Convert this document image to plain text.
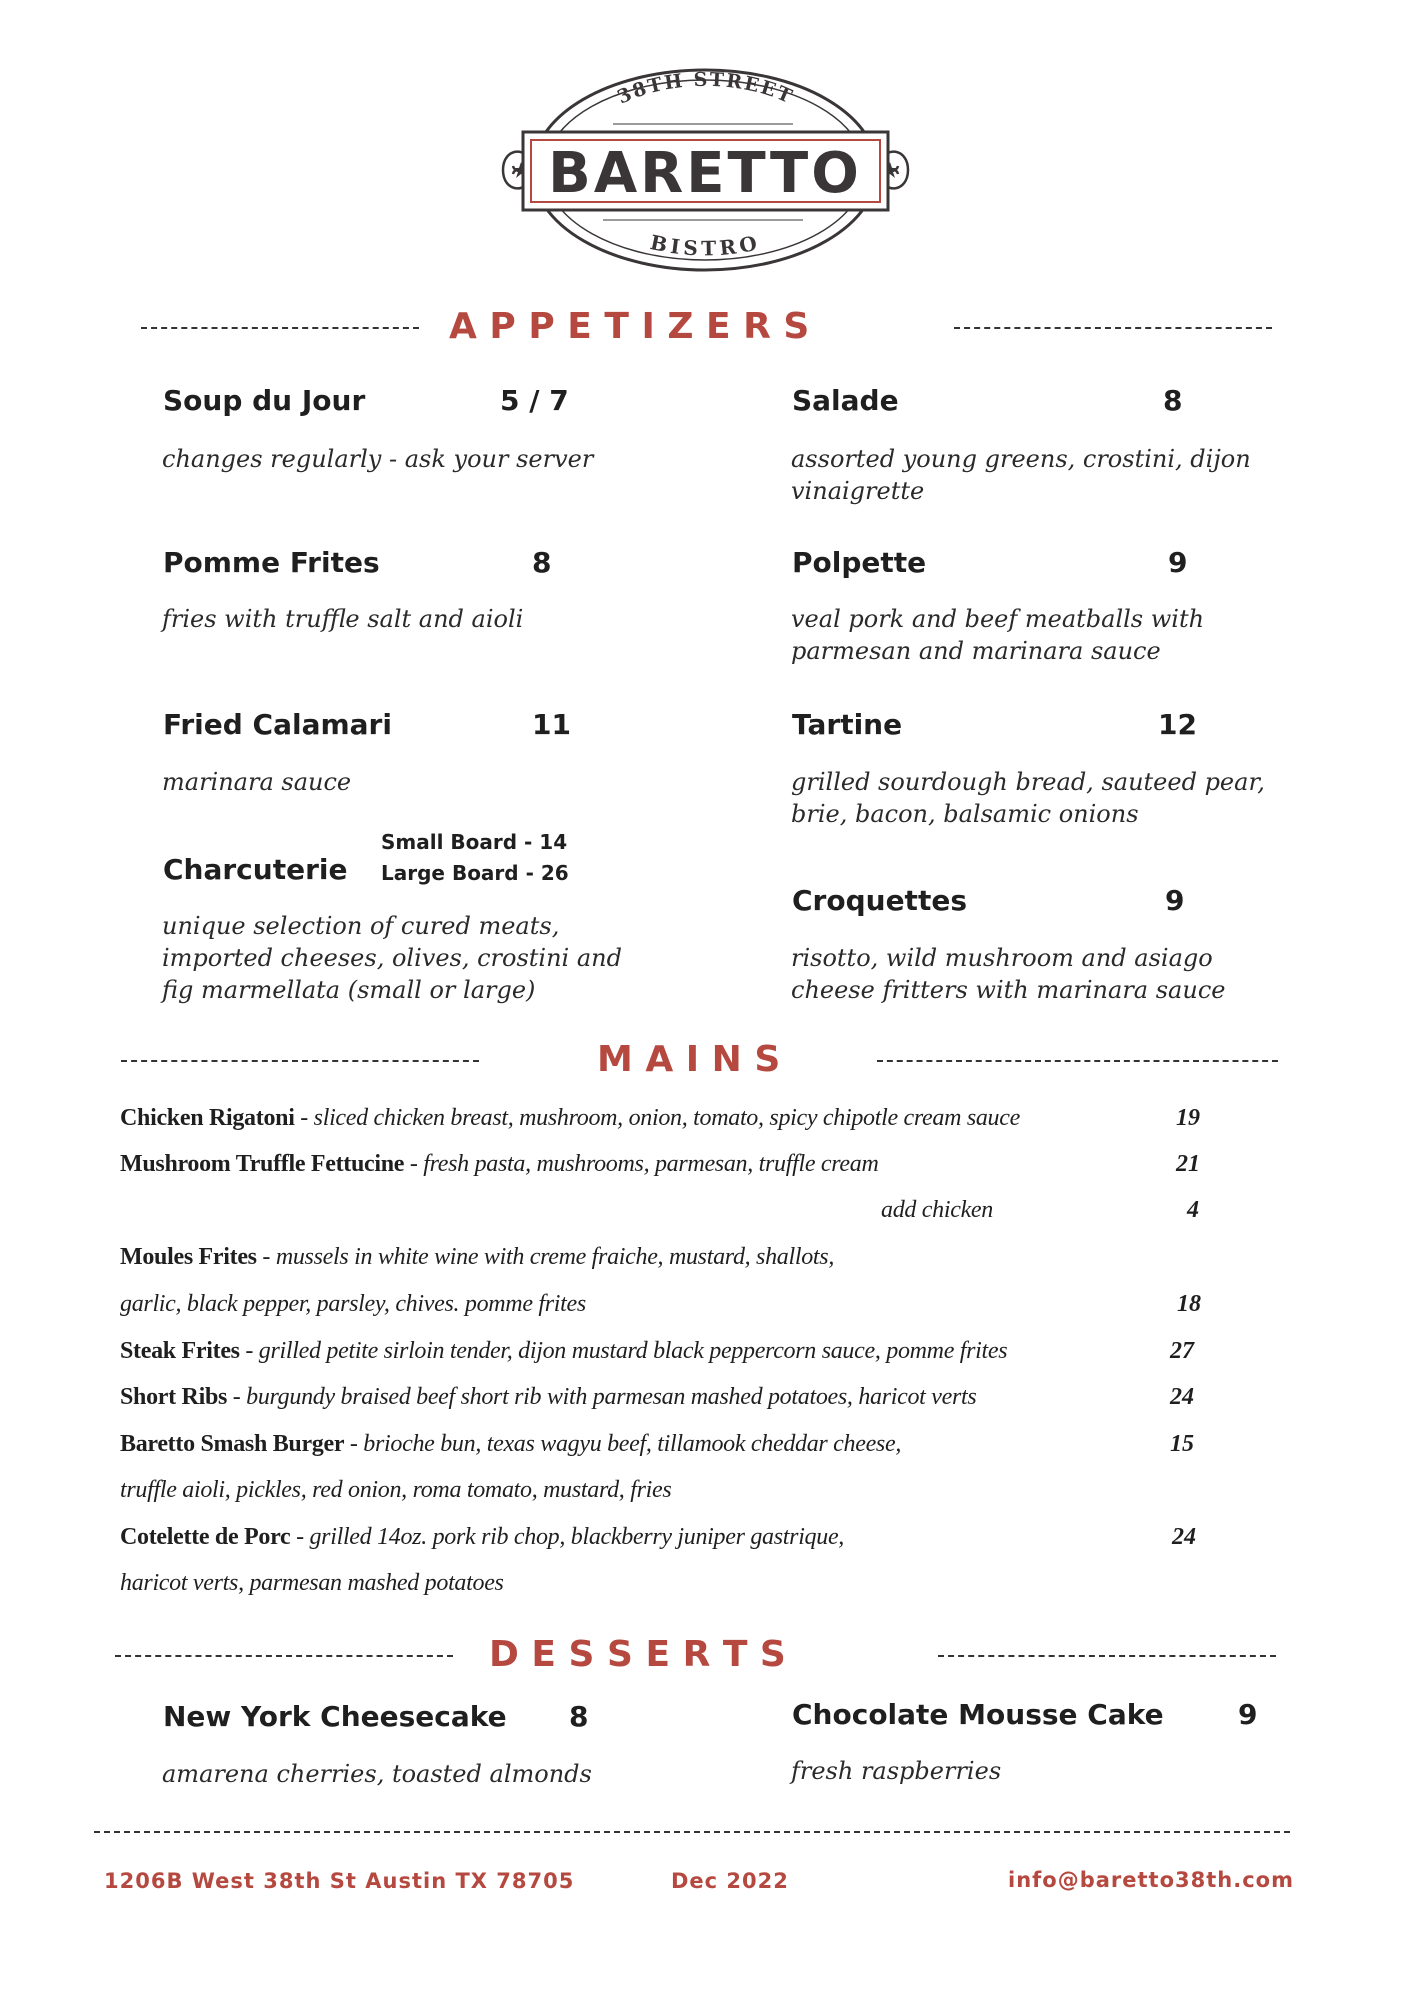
38TH STREET
BARETTO
BISTRO
A P P E T I Z E R S
Soup du Jour	5 / 7
changes regularly - ask your server
Pomme Frites	8
fries with truffle salt and aioli
Fried Calamari	11
marinara sauce
Charcuterie
Small Board - 14
Large Board - 26
unique selection of cured meats,
imported cheeses, olives, crostini and
fig marmellata (small or large)
Salade	8
assorted young greens, crostini, dijon
vinaigrette
Polpette	9
veal pork and beef meatballs with
parmesan and marinara sauce
Tartine	12
grilled sourdough bread, sauteed pear,
brie, bacon, balsamic onions
Croquettes	9
risotto, wild mushroom and asiago
cheese fritters with marinara sauce
M A I N S
Chicken Rigatoni - sliced chicken breast, mushroom, onion, tomato, spicy chipotle cream sauce	19
Mushroom Truffle Fettucine - fresh pasta, mushrooms, parmesan, truffle cream	21
add chicken	4
Moules Frites - mussels in white wine with creme fraiche, mustard, shallots,
garlic, black pepper, parsley, chives. pomme frites	18
Steak Frites - grilled petite sirloin tender, dijon mustard black peppercorn sauce, pomme frites	27
Short Ribs - burgundy braised beef short rib with parmesan mashed potatoes, haricot verts	24
Baretto Smash Burger - brioche bun, texas wagyu beef, tillamook cheddar cheese,	15
truffle aioli, pickles, red onion, roma tomato, mustard, fries
Cotelette de Porc - grilled 14oz. pork rib chop, blackberry juniper gastrique,	24
haricot verts, parmesan mashed potatoes
D E S S E R T S
New York Cheesecake 8
amarena cherries, toasted almonds
Chocolate Mousse Cake	9
fresh raspberries
1206B West 38th St Austin TX 78705	Dec 2022	info@baretto38th.com
